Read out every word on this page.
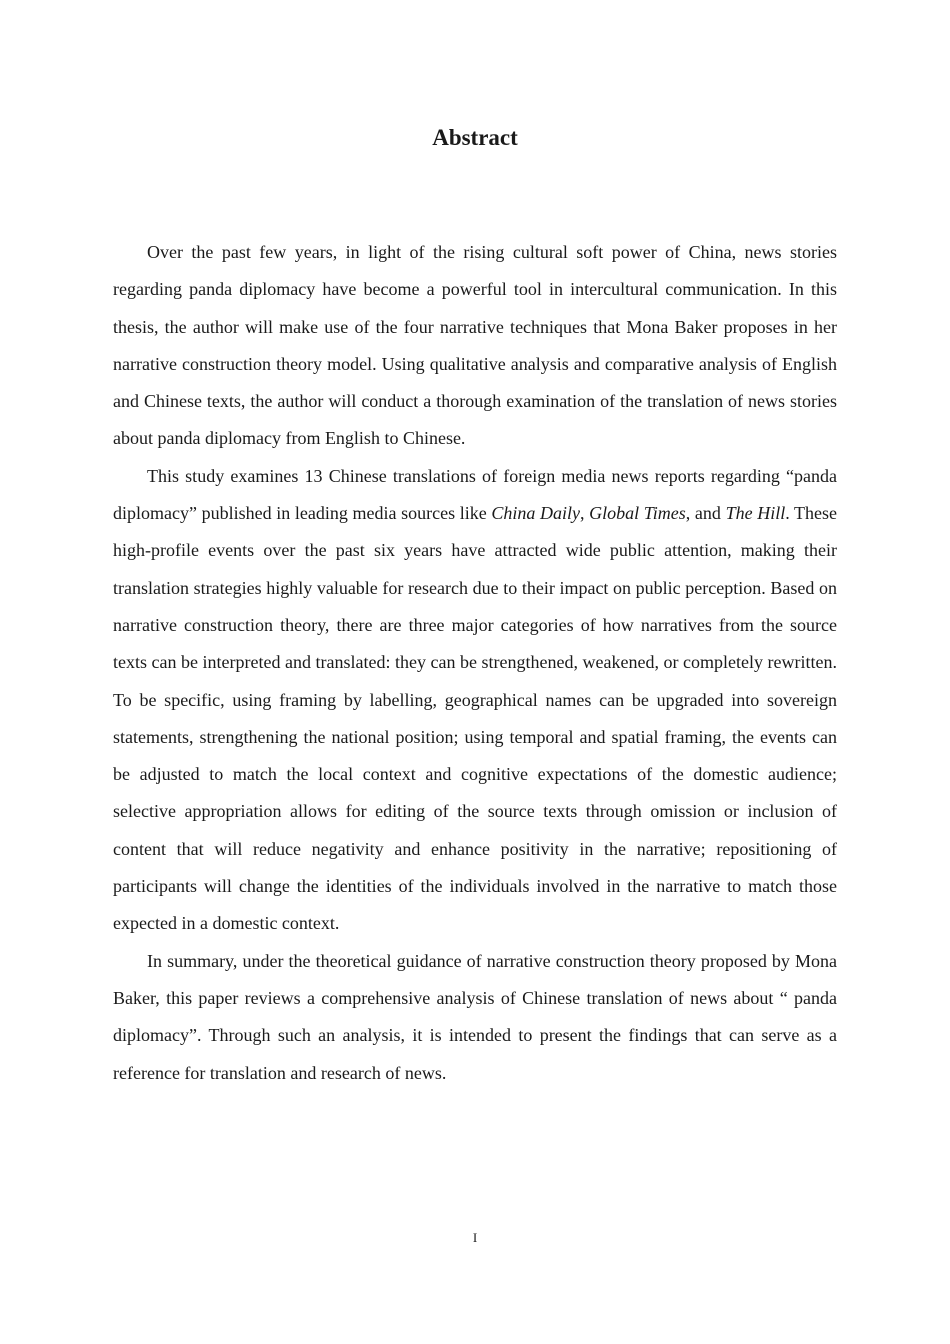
Abstract

Over the past few years, in light of the rising cultural soft power of China, news stories regarding panda diplomacy have become a powerful tool in intercultural communication. In this thesis, the author will make use of the four narrative techniques that Mona Baker proposes in her narrative construction theory model. Using qualitative analysis and comparative analysis of English and Chinese texts, the author will conduct a thorough examination of the translation of news stories about panda diplomacy from English to Chinese.

This study examines 13 Chinese translations of foreign media news reports regarding “panda diplomacy” published in leading media sources like China Daily, Global Times, and The Hill. These high-profile events over the past six years have attracted wide public attention, making their translation strategies highly valuable for research due to their impact on public perception. Based on narrative construction theory, there are three major categories of how narratives from the source texts can be interpreted and translated: they can be strengthened, weakened, or completely rewritten. To be specific, using framing by labelling, geographical names can be upgraded into sovereign statements, strengthening the national position; using temporal and spatial framing, the events can be adjusted to match the local context and cognitive expectations of the domestic audience; selective appropriation allows for editing of the source texts through omission or inclusion of content that will reduce negativity and enhance positivity in the narrative; repositioning of participants will change the identities of the individuals involved in the narrative to match those expected in a domestic context.

In summary, under the theoretical guidance of narrative construction theory proposed by Mona Baker, this paper reviews a comprehensive analysis of Chinese translation of news about “ panda diplomacy”. Through such an analysis, it is intended to present the findings that can serve as a reference for translation and research of news.

I
